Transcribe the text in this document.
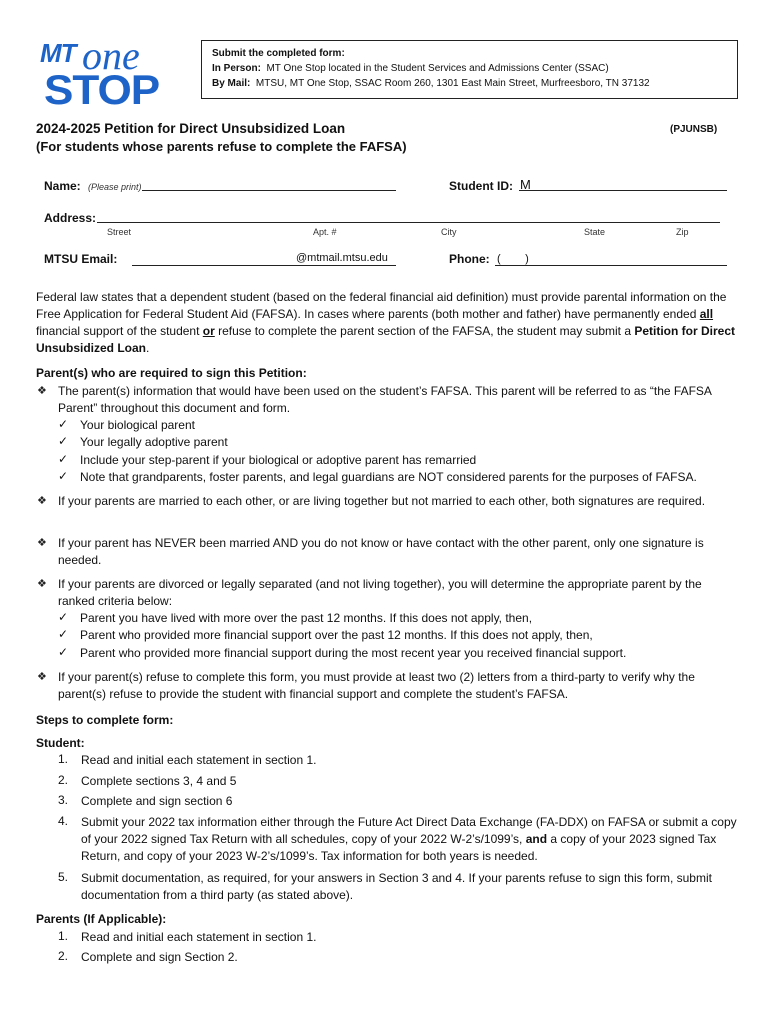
MT one
STOP
Submit the completed form:
In Person: MT One Stop located in the Student Services and Admissions Center (SSAC)
By Mail: MTSU, MT One Stop, SSAC Room 260, 1301 East Main Street, Murfreesboro, TN 37132
2024-2025 Petition for Direct Unsubsidized Loan
(For students whose parents refuse to complete the FAFSA)
(PJUNSB)
Name: (Please print)	Student ID: M
Address:
Street	Apt. #	City	State	Zip
MTSU Email:	@mtmail.mtsu.edu	Phone: (        )
Federal law states that a dependent student (based on the federal financial aid definition) must provide parental information on the Free Application for Federal Student Aid (FAFSA). In cases where parents (both mother and father) have permanently ended all financial support of the student or refuse to complete the parent section of the FAFSA, the student may submit a Petition for Direct Unsubsidized Loan.
Parent(s) who are required to sign this Petition:
❖ The parent(s) information that would have been used on the student’s FAFSA. This parent will be referred to as “the FAFSA Parent” throughout this document and form.
✓ Your biological parent
✓ Your legally adoptive parent
✓ Include your step-parent if your biological or adoptive parent has remarried
✓ Note that grandparents, foster parents, and legal guardians are NOT considered parents for the purposes of FAFSA.
❖ If your parents are married to each other, or are living together but not married to each other, both signatures are required.
❖ If your parent has NEVER been married AND you do not know or have contact with the other parent, only one signature is needed.
❖ If your parents are divorced or legally separated (and not living together), you will determine the appropriate parent by the ranked criteria below:
✓ Parent you have lived with more over the past 12 months. If this does not apply, then,
✓ Parent who provided more financial support over the past 12 months. If this does not apply, then,
✓ Parent who provided more financial support during the most recent year you received financial support.
❖ If your parent(s) refuse to complete this form, you must provide at least two (2) letters from a third-party to verify why the parent(s) refuse to provide the student with financial support and complete the student’s FAFSA.
Steps to complete form:
Student:
1. Read and initial each statement in section 1.
2. Complete sections 3, 4 and 5
3. Complete and sign section 6
4. Submit your 2022 tax information either through the Future Act Direct Data Exchange (FA-DDX) on FAFSA or submit a copy of your 2022 signed Tax Return with all schedules, copy of your 2022 W-2’s/1099’s, and a copy of your 2023 signed Tax Return, and copy of your 2023 W-2’s/1099’s. Tax information for both years is needed.
5. Submit documentation, as required, for your answers in Section 3 and 4. If your parents refuse to sign this form, submit documentation from a third party (as stated above).
Parents (If Applicable):
1. Read and initial each statement in section 1.
2. Complete and sign Section 2.
